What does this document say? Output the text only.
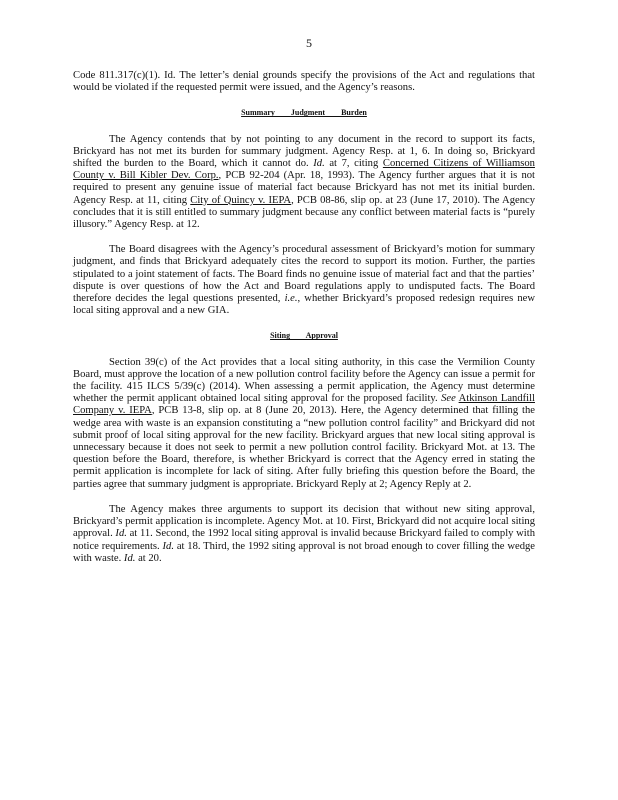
5

Code 811.317(c)(1). Id. The letter’s denial grounds specify the provisions of the Act and regulations that would be violated if the requested permit were issued, and the Agency’s reasons.

Summary Judgment Burden

The Agency contends that by not pointing to any document in the record to support its facts, Brickyard has not met its burden for summary judgment. Agency Resp. at 1, 6. In doing so, Brickyard shifted the burden to the Board, which it cannot do. Id. at 7, citing Concerned Citizens of Williamson County v. Bill Kibler Dev. Corp., PCB 92-204 (Apr. 18, 1993). The Agency further argues that it is not required to present any genuine issue of material fact because Brickyard has not met its initial burden. Agency Resp. at 11, citing City of Quincy v. IEPA, PCB 08-86, slip op. at 23 (June 17, 2010). The Agency concludes that it is still entitled to summary judgment because any conflict between material facts is “purely illusory.” Agency Resp. at 12.

The Board disagrees with the Agency’s procedural assessment of Brickyard’s motion for summary judgment, and finds that Brickyard adequately cites the record to support its motion. Further, the parties stipulated to a joint statement of facts. The Board finds no genuine issue of material fact and that the parties’ dispute is over questions of how the Act and Board regulations apply to undisputed facts. The Board therefore decides the legal questions presented, i.e., whether Brickyard’s proposed redesign requires new local siting approval and a new GIA.

Siting Approval

Section 39(c) of the Act provides that a local siting authority, in this case the Vermilion County Board, must approve the location of a new pollution control facility before the Agency can issue a permit for the facility. 415 ILCS 5/39(c) (2014). When assessing a permit application, the Agency must determine whether the permit applicant obtained local siting approval for the proposed facility. See Atkinson Landfill Company v. IEPA, PCB 13-8, slip op. at 8 (June 20, 2013). Here, the Agency determined that filling the wedge area with waste is an expansion constituting a “new pollution control facility” and Brickyard did not submit proof of local siting approval for the new facility. Brickyard argues that new local siting approval is unnecessary because it does not seek to permit a new pollution control facility. Brickyard Mot. at 13. The question before the Board, therefore, is whether Brickyard is correct that the Agency erred in stating the permit application is incomplete for lack of siting. After fully briefing this question before the Board, the parties agree that summary judgment is appropriate. Brickyard Reply at 2; Agency Reply at 2.

The Agency makes three arguments to support its decision that without new siting approval, Brickyard’s permit application is incomplete. Agency Mot. at 10. First, Brickyard did not acquire local siting approval. Id. at 11. Second, the 1992 local siting approval is invalid because Brickyard failed to comply with notice requirements. Id. at 18. Third, the 1992 siting approval is not broad enough to cover filling the wedge with waste. Id. at 20.
